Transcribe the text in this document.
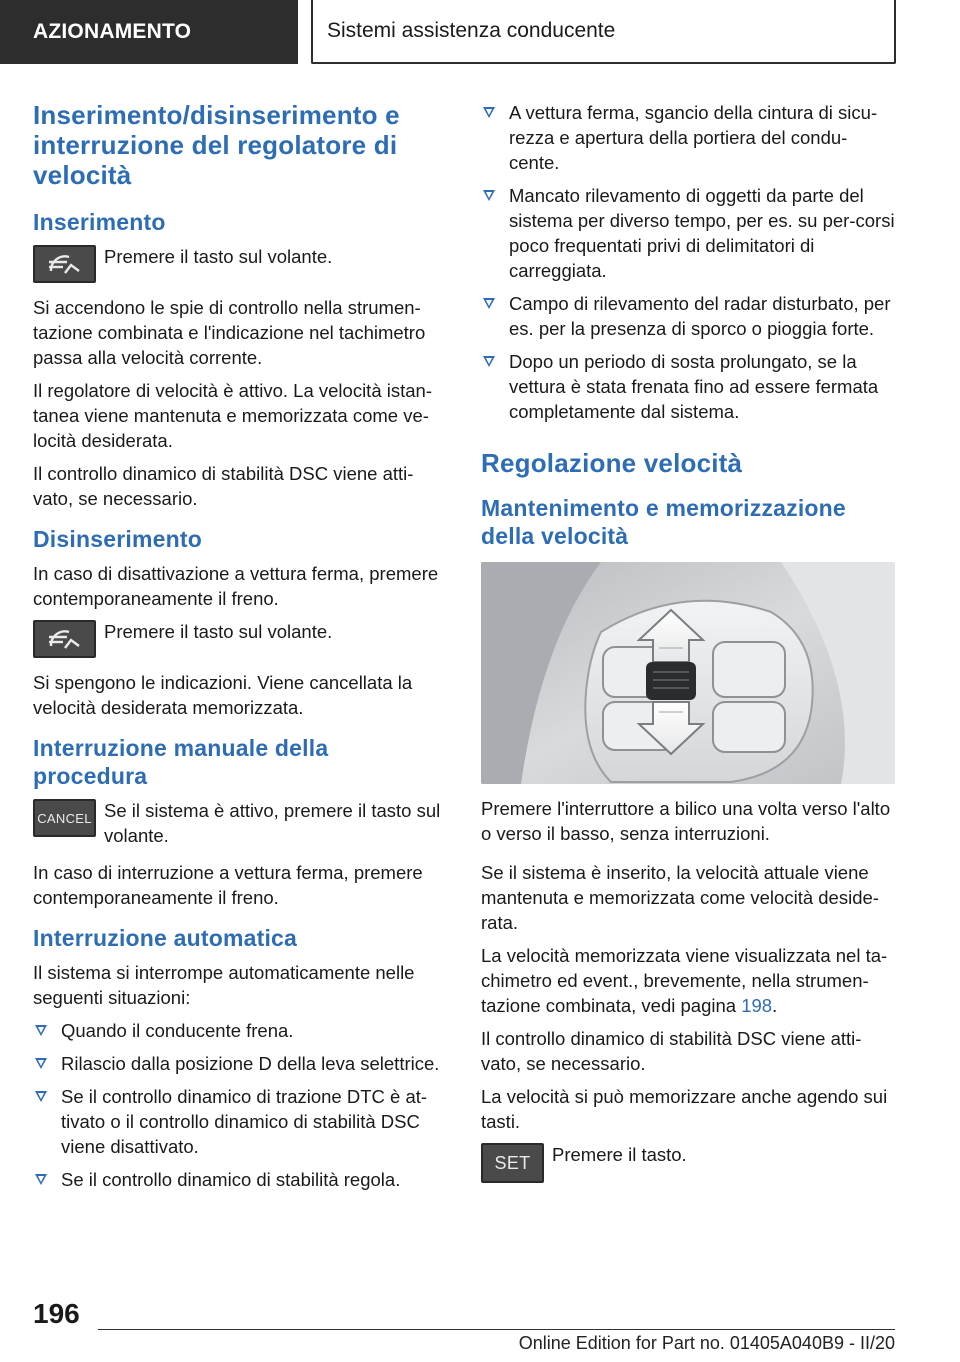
AZIONAMENTO	Sistemi assistenza conducente
Inserimento/disinserimento e interruzione del regolatore di velocità
Inserimento

Premere il tasto sul volante.

Si accendono le spie di controllo nella strumen-tazione combinata e l'indicazione nel tachimetro passa alla velocità corrente.

Il regolatore di velocità è attivo. La velocità istan-tanea viene mantenuta e memorizzata come ve-locità desiderata.

Il controllo dinamico di stabilità DSC viene atti-vato, se necessario.

Disinserimento

In caso di disattivazione a vettura ferma, premere contemporaneamente il freno.

Premere il tasto sul volante.

Si spengono le indicazioni. Viene cancellata la velocità desiderata memorizzata.

Interruzione manuale della procedura
CANCEL Se il sistema è attivo, premere il tasto sul volante.

In caso di interruzione a vettura ferma, premere contemporaneamente il freno.

Interruzione automatica

Il sistema si interrompe automaticamente nelle seguenti situazioni:

Quando il conducente frena.
Rilascio dalla posizione D della leva selettrice.
Se il controllo dinamico di trazione DTC è at-tivato o il controllo dinamico di stabilità DSC viene disattivato.
Se il controllo dinamico di stabilità regola.
A vettura ferma, sgancio della cintura di sicu-rezza e apertura della portiera del condu-cente.
Mancato rilevamento di oggetti da parte del sistema per diverso tempo, per es. su per-corsi poco frequentati privi di delimitatori di carreggiata.
Campo di rilevamento del radar disturbato, per es. per la presenza di sporco o pioggia forte.
Dopo un periodo di sosta prolungato, se la vettura è stata frenata fino ad essere fermata completamente dal sistema.
Regolazione velocità
Mantenimento e memorizzazione della velocità

Premere l'interruttore a bilico una volta verso l'alto o verso il basso, senza interruzioni.

Se il sistema è inserito, la velocità attuale viene mantenuta e memorizzata come velocità deside-rata.

La velocità memorizzata viene visualizzata nel ta-chimetro ed event., brevemente, nella strumen-tazione combinata, vedi pagina 198.

Il controllo dinamico di stabilità DSC viene atti-vato, se necessario.

La velocità si può memorizzare anche agendo sui tasti.

SET Premere il tasto.

196
Online Edition for Part no. 01405A040B9 - II/20
